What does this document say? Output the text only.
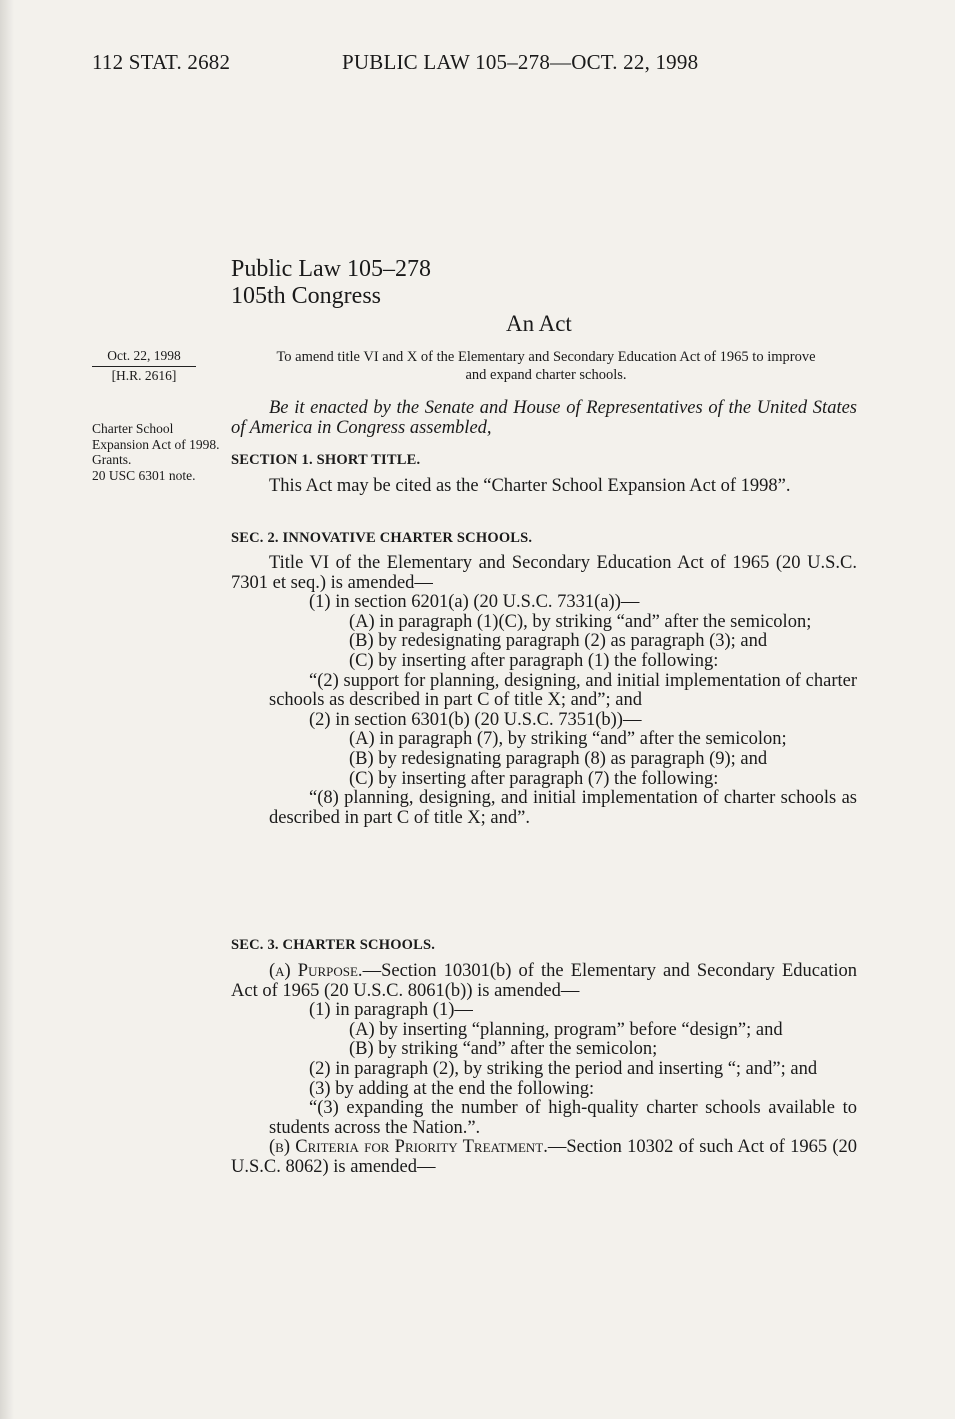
112 STAT. 2682	PUBLIC LAW 105–278—OCT. 22, 1998
Public Law 105–278
105th Congress
An Act
To amend title VI and X of the Elementary and Secondary Education Act of 1965 to improve and expand charter schools.
Oct. 22, 1998
[H.R. 2616]
Charter School Expansion Act of 1998.
Grants.
20 USC 6301 note.
Be it enacted by the Senate and House of Representatives of the United States of America in Congress assembled,
SECTION 1. SHORT TITLE.

This Act may be cited as the “Charter School Expansion Act of 1998”.

SEC. 2. INNOVATIVE CHARTER SCHOOLS.

Title VI of the Elementary and Secondary Education Act of 1965 (20 U.S.C. 7301 et seq.) is amended—

(1) in section 6201(a) (20 U.S.C. 7331(a))—

(A) in paragraph (1)(C), by striking “and” after the semicolon;

(B) by redesignating paragraph (2) as paragraph (3); and

(C) by inserting after paragraph (1) the following:

“(2) support for planning, designing, and initial implementation of charter schools as described in part C of title X; and”; and

(2) in section 6301(b) (20 U.S.C. 7351(b))—

(A) in paragraph (7), by striking “and” after the semicolon;

(B) by redesignating paragraph (8) as paragraph (9); and

(C) by inserting after paragraph (7) the following:

“(8) planning, designing, and initial implementation of charter schools as described in part C of title X; and”.

SEC. 3. CHARTER SCHOOLS.

(a) Purpose.—Section 10301(b) of the Elementary and Secondary Education Act of 1965 (20 U.S.C. 8061(b)) is amended—

(1) in paragraph (1)—

(A) by inserting “planning, program” before “design”; and

(B) by striking “and” after the semicolon;

(2) in paragraph (2), by striking the period and inserting “; and”; and

(3) by adding at the end the following:

“(3) expanding the number of high-quality charter schools available to students across the Nation.”.

(b) Criteria for Priority Treatment.—Section 10302 of such Act of 1965 (20 U.S.C. 8062) is amended—
